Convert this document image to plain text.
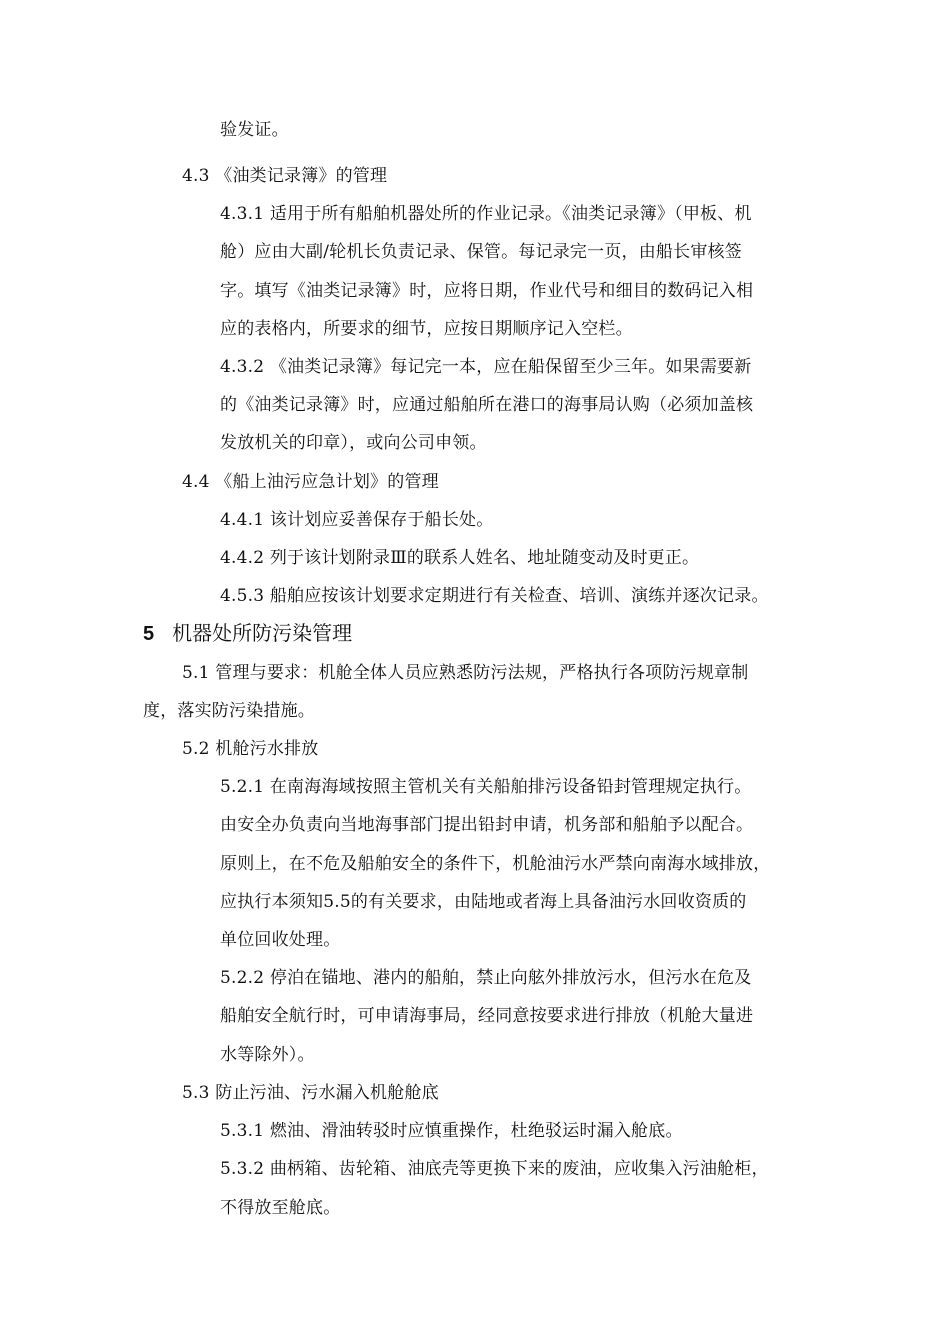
验发证。
4.3 《油类记录簿》的管理
4.3.1 适用于所有船舶机器处所的作业记录。《油类记录簿》（甲板、机
舱）应由大副/轮机长负责记录、保管。每记录完一页，由船长审核签
字。填写《油类记录簿》时，应将日期，作业代号和细目的数码记入相
应的表格内，所要求的细节，应按日期顺序记入空栏。
4.3.2 《油类记录簿》每记完一本，应在船保留至少三年。如果需要新
的《油类记录簿》时，应通过船舶所在港口的海事局认购（必须加盖核
发放机关的印章），或向公司申领。
4.4 《船上油污应急计划》的管理
4.4.1 该计划应妥善保存于船长处。
4.4.2 列于该计划附录Ⅲ的联系人姓名、地址随变动及时更正。
4.5.3 船舶应按该计划要求定期进行有关检查、培训、演练并逐次记录。
5 机器处所防污染管理
5.1 管理与要求：机舱全体人员应熟悉防污法规，严格执行各项防污规章制
度，落实防污染措施。
5.2 机舱污水排放
5.2.1 在南海海域按照主管机关有关船舶排污设备铅封管理规定执行。
由安全办负责向当地海事部门提出铅封申请，机务部和船舶予以配合。
原则上，在不危及船舶安全的条件下，机舱油污水严禁向南海水域排放，
应执行本须知5.5的有关要求，由陆地或者海上具备油污水回收资质的
单位回收处理。
5.2.2 停泊在锚地、港内的船舶，禁止向舷外排放污水，但污水在危及
船舶安全航行时，可申请海事局，经同意按要求进行排放（机舱大量进
水等除外）。
5.3 防止污油、污水漏入机舱舱底
5.3.1 燃油、滑油转驳时应慎重操作，杜绝驳运时漏入舱底。
5.3.2 曲柄箱、齿轮箱、油底壳等更换下来的废油，应收集入污油舱柜，
不得放至舱底。
